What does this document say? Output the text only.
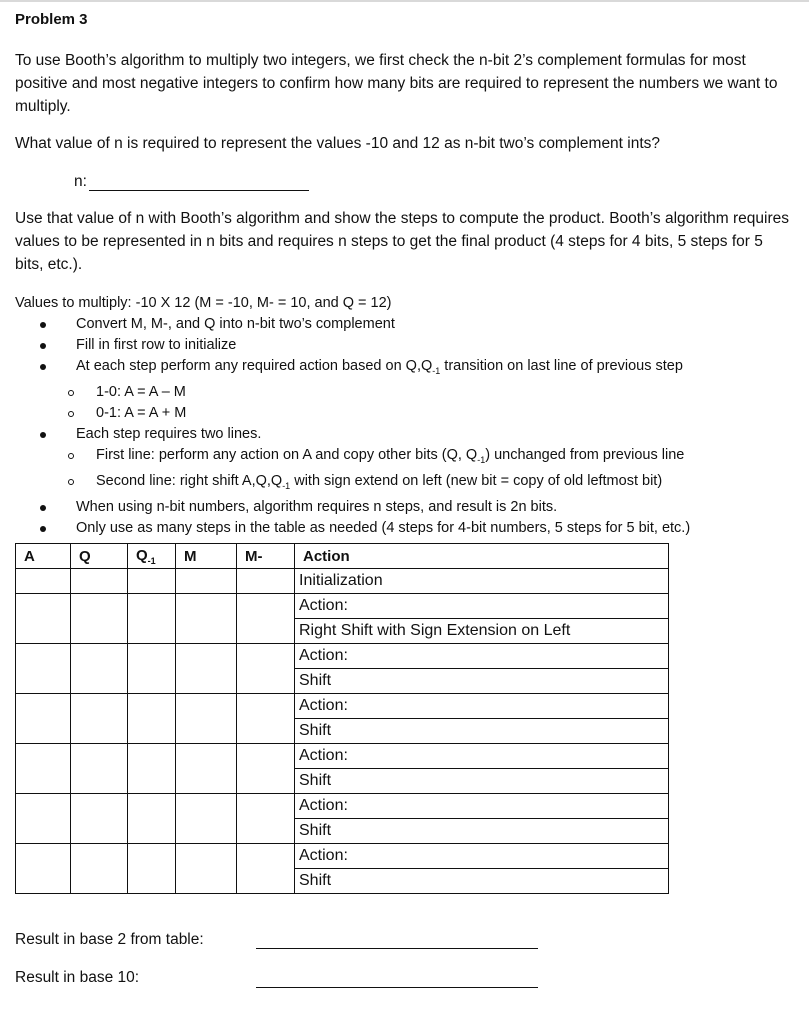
Problem 3
To use Booth’s algorithm to multiply two integers, we first check the n-bit 2’s complement formulas for most positive and most negative integers to confirm how many bits are required to represent the numbers we want to multiply.
What value of n is required to represent the values -10 and 12 as n-bit two’s complement ints?
n:
Use that value of n with Booth’s algorithm and show the steps to compute the product. Booth’s algorithm requires values to be represented in n bits and requires n steps to get the final product (4 steps for 4 bits, 5 steps for 5 bits, etc.).
Values to multiply: -10 X 12 (M = -10, M- = 10, and Q = 12)
Convert M, M-, and Q into n-bit two’s complement
Fill in first row to initialize
At each step perform any required action based on $Q,Q_{-1}$ transition on last line of previous step
1-0: A = A – M
0-1: A = A + M
Each step requires two lines.
First line: perform any action on A and copy other bits (Q, $Q_{-1}$) unchanged from previous line
Second line: right shift $A,Q,Q_{-1}$ with sign extend on left (new bit = copy of old leftmost bit)
When using n-bit numbers, algorithm requires n steps, and result is 2n bits.
Only use as many steps in the table as needed (4 steps for 4-bit numbers, 5 steps for 5 bit, etc.)
A	Q	$Q_{-1}$	M	M-	Action

					Initialization

					Action:
Right Shift with Sign Extension on Left

					Action:
Shift

					Action:
Shift

					Action:
Shift

					Action:
Shift

					Action:
Shift
Result in base 2 from table:
Result in base 10:
